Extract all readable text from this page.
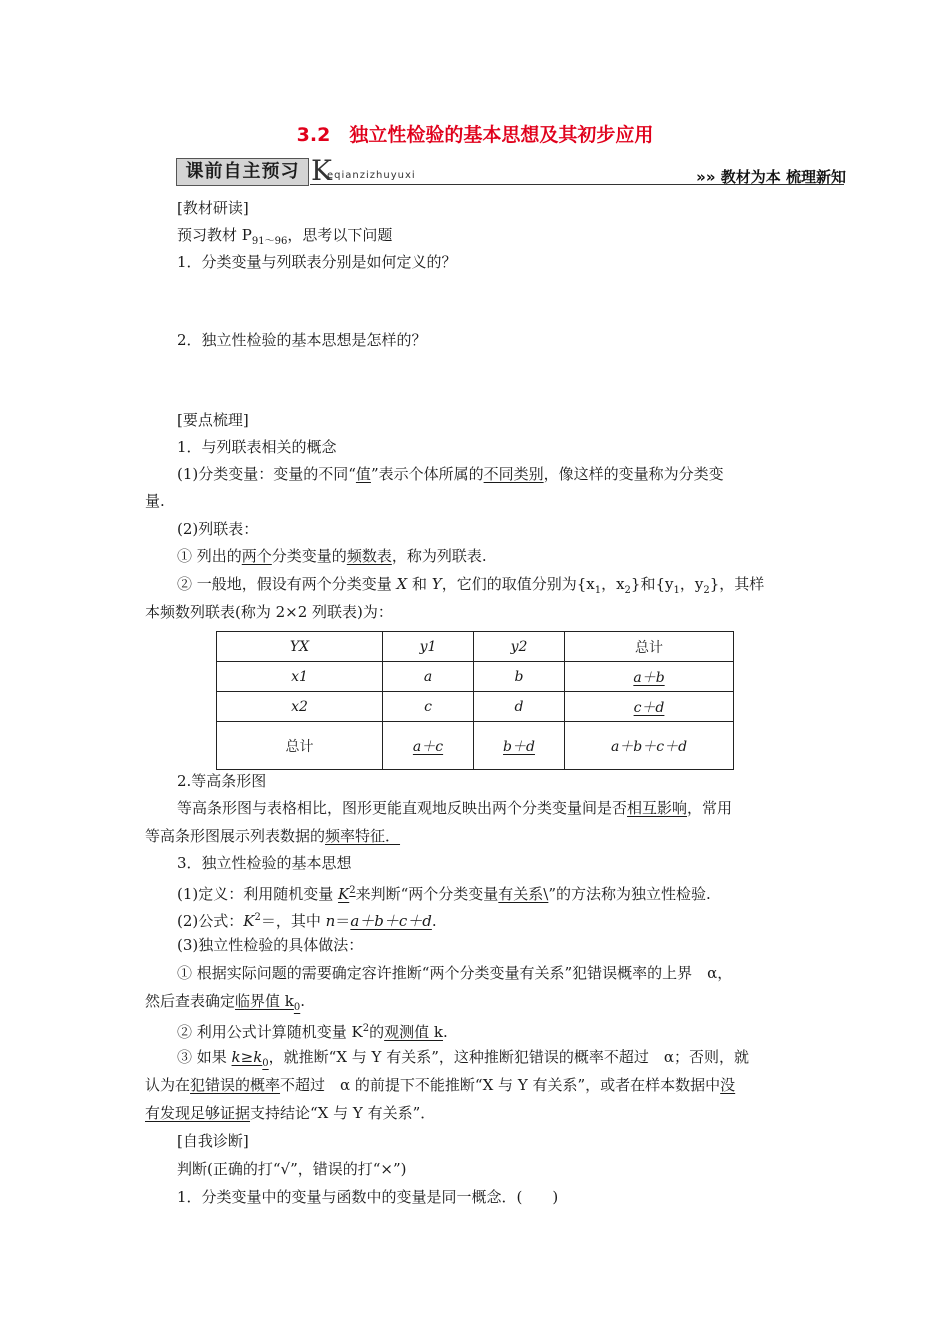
3.2　独立性检验的基本思想及其初步应用
课前自主预习 K
eqianzizhuyuxi	»» 教材为本 梳理新知
[教材研读]
预习教材 $P_{91\sim 96}$，思考以下问题
1．分类变量与列联表分别是如何定义的？
2．独立性检验的基本思想是怎样的？
[要点梳理]
1．与列联表相关的概念
(1)分类变量：变量的不同“值”表示个体所属的不同类别，像这样的变量称为分类变
量.
(2)列联表：
① 列出的两个分类变量的频数表，称为列联表.
② 一般地，假设有两个分类变量 X 和 Y，它们的取值分别为{$x_1$，$x_2$}和{$y_1$，$y_2$}，其样
本频数列联表(称为 2×2 列联表)为：
YX	y1	y2	总计
x1	a	b	a＋b
x2	c	d	c＋d
总计	a＋c	b＋d	a＋b＋c＋d
2.等高条形图
等高条形图与表格相比，图形更能直观地反映出两个分类变量间是否相互影响，常用
等高条形图展示列表数据的频率特征．
3．独立性检验的基本思想
(1)定义：利用随机变量 $K^2$来判断“两个分类变量有关系\”的方法称为独立性检验.
(2)公式：$K^2=$，其中 n＝a＋b＋c＋d.
(3)独立性检验的具体做法：
① 根据实际问题的需要确定容许推断“两个分类变量有关系”犯错误概率的上界　α，
然后查表确定临界值 $k_0$.
② 利用公式计算随机变量 $K^2$的观测值 k.
③ 如果 $k\ge k_0$，就推断“X 与 Y 有关系”，这种推断犯错误的概率不超过　α；否则，就
认为在犯错误的概率不超过　α 的前提下不能推断“X 与 Y 有关系”，或者在样本数据中没
有发现足够证据支持结论“X 与 Y 有关系”．
[自我诊断]
判断(正确的打“√”，错误的打“×”)
1．分类变量中的变量与函数中的变量是同一概念．(　　)
